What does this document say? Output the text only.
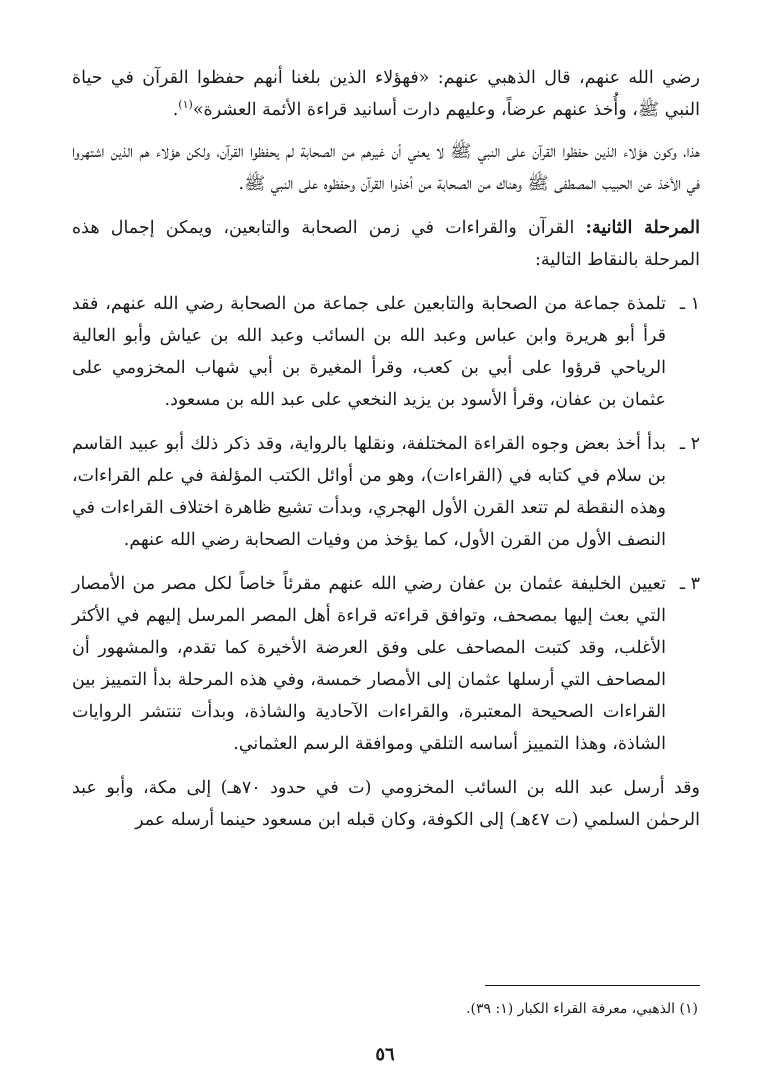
رضي الله عنهم، قال الذهبي عنهم: «فهؤلاء الذين بلغنا أنهم حفظوا القرآن في حياة النبي ﷺ، وأُخذ عنهم عرضاً، وعليهم دارت أسانيد قراءة الأئمة العشرة»$^{(١)}$.

هذا، وكون هؤلاء الذين حفظوا القرآن على النبي ﷺ لا يعني أن غيرهم من الصحابة لم يحفظوا القرآن، ولكن هؤلاء هم الذين اشتهروا في الأخذ عن الحبيب المصطفى ﷺ وهناك من الصحابة من أخذوا القرآن وحفظوه على النبي ﷺ.

المرحلة الثانية: القرآن والقراءات في زمن الصحابة والتابعين، ويمكن إجمال هذه المرحلة بالنقاط التالية:

١ ـ
تلمذة جماعة من الصحابة والتابعين على جماعة من الصحابة رضي الله عنهم، فقد قرأ أبو هريرة وابن عباس وعبد الله بن السائب وعبد الله بن عياش وأبو العالية الرياحي قرؤوا على أبي بن كعب، وقرأ المغيرة بن أبي شهاب المخزومي على عثمان بن عفان، وقرأ الأسود بن يزيد النخعي على عبد الله بن مسعود.
٢ ـ
بدأ أخذ بعض وجوه القراءة المختلفة، ونقلها بالرواية، وقد ذكر ذلك أبو عبيد القاسم بن سلام في كتابه في (القراءات)، وهو من أوائل الكتب المؤلفة في علم القراءات، وهذه النقطة لم تتعد القرن الأول الهجري، وبدأت تشيع ظاهرة اختلاف القراءات في النصف الأول من القرن الأول، كما يؤخذ من وفيات الصحابة رضي الله عنهم.
٣ ـ
تعيين الخليفة عثمان بن عفان رضي الله عنهم مقرئاً خاصاً لكل مصر من الأمصار التي بعث إليها بمصحف، وتوافق قراءته قراءة أهل المصر المرسل إليهم في الأكثر الأغلب، وقد كتبت المصاحف على وفق العرضة الأخيرة كما تقدم، والمشهور أن المصاحف التي أرسلها عثمان إلى الأمصار خمسة، وفي هذه المرحلة بدأ التمييز بين القراءات الصحيحة المعتبرة، والقراءات الآحادية والشاذة، وبدأت تنتشر الروايات الشاذة، وهذا التمييز أساسه التلقي وموافقة الرسم العثماني.

وقد أرسل عبد الله بن السائب المخزومي (ت في حدود ٧٠هـ) إلى مكة، وأبو عبد الرحمٰن السلمي (ت ٤٧هـ) إلى الكوفة، وكان قبله ابن مسعود حينما أرسله عمر

(١) الذهبي، معرفة القراء الكبار (١: ٣٩).
٥٦
